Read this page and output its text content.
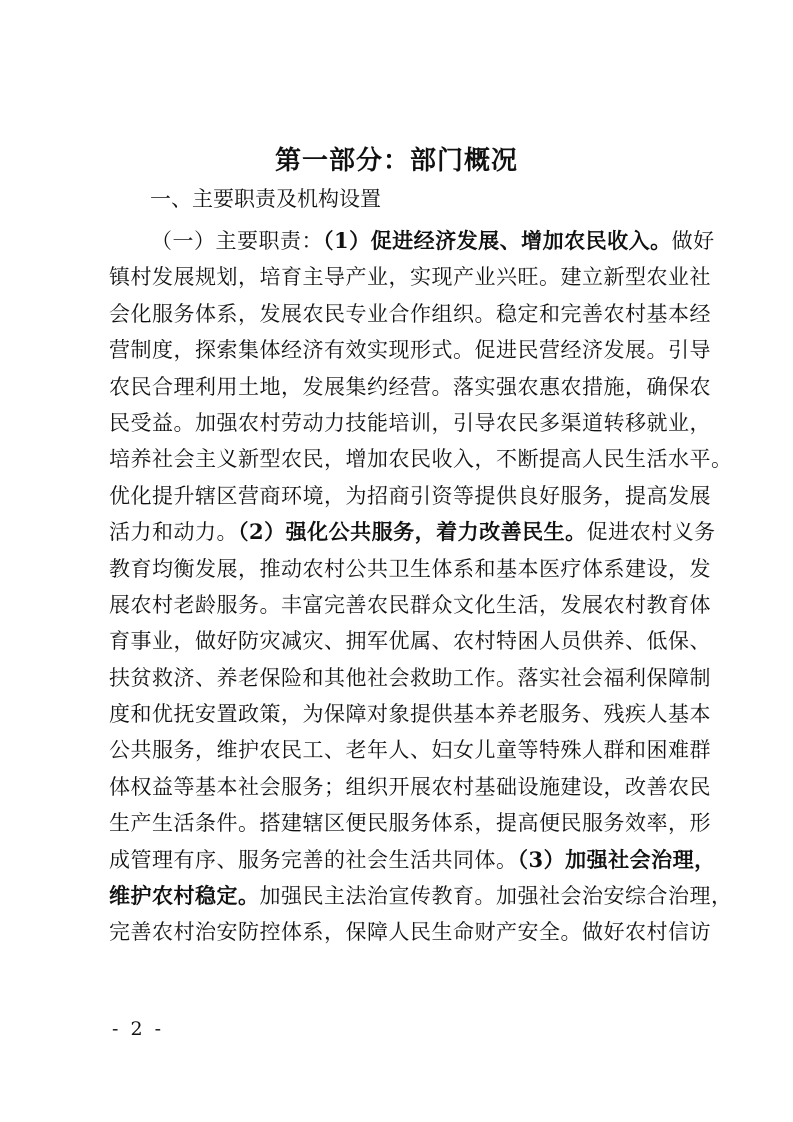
第一部分：部门概况
一、主要职责及机构设置
（一）主要职责：（1）促进经济发展、增加农民收入。做好
镇村发展规划，培育主导产业，实现产业兴旺。建立新型农业社
会化服务体系，发展农民专业合作组织。稳定和完善农村基本经
营制度，探索集体经济有效实现形式。促进民营经济发展。引导
农民合理利用土地，发展集约经营。落实强农惠农措施，确保农
民受益。加强农村劳动力技能培训，引导农民多渠道转移就业，
培养社会主义新型农民，增加农民收入，不断提高人民生活水平。
优化提升辖区营商环境，为招商引资等提供良好服务，提高发展
活力和动力。（2）强化公共服务，着力改善民生。促进农村义务
教育均衡发展，推动农村公共卫生体系和基本医疗体系建设，发
展农村老龄服务。丰富完善农民群众文化生活，发展农村教育体
育事业，做好防灾减灾、拥军优属、农村特困人员供养、低保、
扶贫救济、养老保险和其他社会救助工作。落实社会福利保障制
度和优抚安置政策，为保障对象提供基本养老服务、残疾人基本
公共服务，维护农民工、老年人、妇女儿童等特殊人群和困难群
体权益等基本社会服务；组织开展农村基础设施建设，改善农民
生产生活条件。搭建辖区便民服务体系，提高便民服务效率，形
成管理有序、服务完善的社会生活共同体。（3）加强社会治理，
维护农村稳定。加强民主法治宣传教育。加强社会治安综合治理，
完善农村治安防控体系，保障人民生命财产安全。做好农村信访
- 2 -
